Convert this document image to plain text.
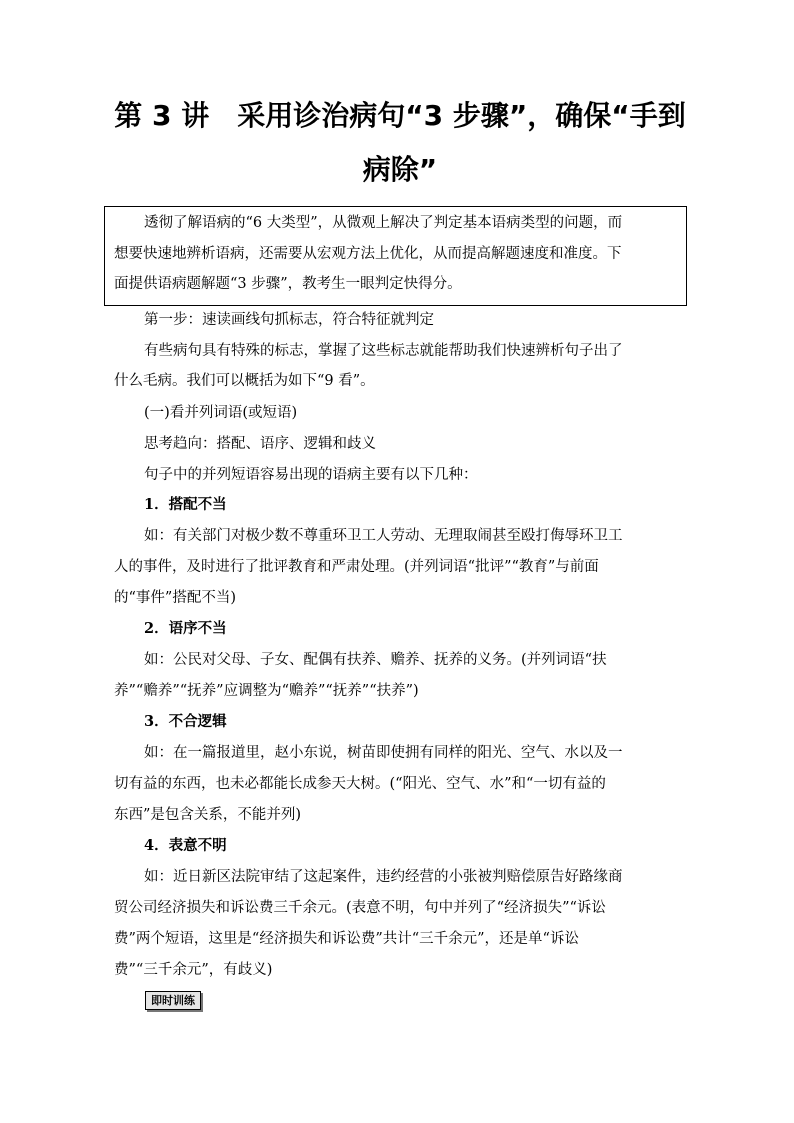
第 3 讲　采用诊治病句“3 步骤”，确保“手到
病除”

透彻了解语病的“6 大类型”，从微观上解决了判定基本语病类型的问题，而

想要快速地辨析语病，还需要从宏观方法上优化，从而提高解题速度和准度。下

面提供语病题解题“3 步骤”，教考生一眼判定快得分。

第一步：速读画线句抓标志，符合特征就判定

有些病句具有特殊的标志，掌握了这些标志就能帮助我们快速辨析句子出了

什么毛病。我们可以概括为如下“9 看”。

(一)看并列词语(或短语)

思考趋向：搭配、语序、逻辑和歧义

句子中的并列短语容易出现的语病主要有以下几种：

1．搭配不当

如：有关部门对极少数不尊重环卫工人劳动、无理取闹甚至殴打侮辱环卫工

人的事件，及时进行了批评教育和严肃处理。(并列词语“批评”“教育”与前面

的“事件”搭配不当)

2．语序不当

如：公民对父母、子女、配偶有扶养、赡养、抚养的义务。(并列词语“扶

养”“赡养”“抚养”应调整为“赡养”“抚养”“扶养”)

3．不合逻辑

如：在一篇报道里，赵小东说，树苗即使拥有同样的阳光、空气、水以及一

切有益的东西，也未必都能长成参天大树。(“阳光、空气、水”和“一切有益的

东西”是包含关系，不能并列)

4．表意不明

如：近日新区法院审结了这起案件，违约经营的小张被判赔偿原告好路缘商

贸公司经济损失和诉讼费三千余元。(表意不明，句中并列了“经济损失”“诉讼

费”两个短语，这里是“经济损失和诉讼费”共计“三千余元”，还是单“诉讼

费”“三千余元”，有歧义)

即时训练
